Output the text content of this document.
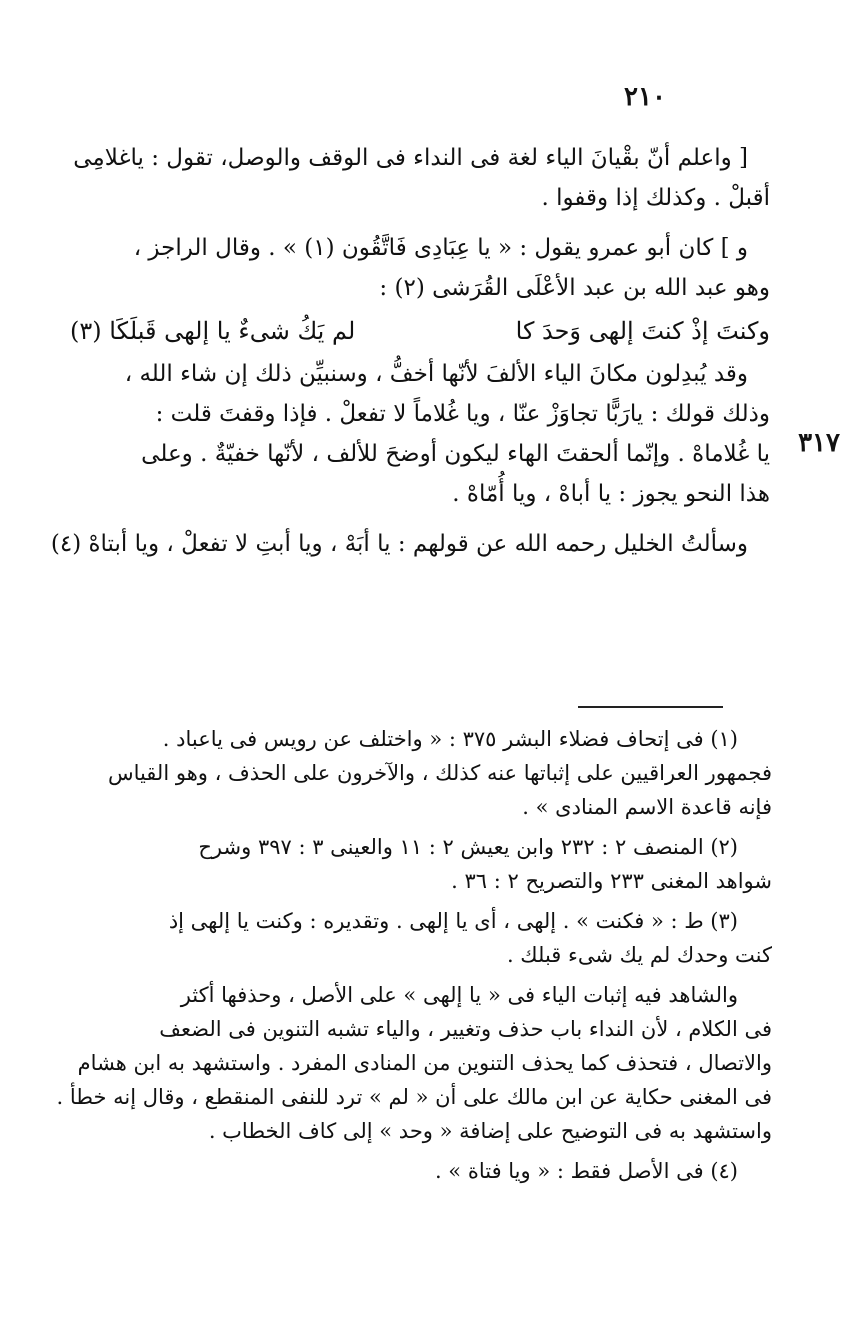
٢١٠
٣١٧
[ واعلم أنّ بقْيانَ الياء لغة فى النداء فى الوقف والوصل، تقول : ياغلامِى
أقبلْ . وكذلك إذا وقفوا .
و ] كان أبو عمرو يقول : « يا عِبَادِى فَاتَّقُون (١) » . وقال الراجز ،
وهو عبد الله بن عبد الأعْلَى القُرَشى (٢) :
وكنتَ إذْ كنتَ إلهى وَحدَ كا
لم يَكُ شىءٌ يا إلهى قَبلَكَا (٣)
وقد يُبدِلون مكانَ الياء الألفَ لأنّها أخفُّ ، وسنبيِّن ذلك إن شاء الله ،
وذلك قولك : يارَبًّا تجاوَزْ عنّا ، ويا غُلاماً لا تفعلْ . فإذا وقفتَ قلت :
يا غُلاماهْ . وإنّما ألحقتَ الهاء ليكون أوضحَ للألف ، لأنّها خفيّةٌ . وعلى
هذا النحو يجوز : يا أباهْ ، ويا أُمّاهْ .
وسألتُ الخليل رحمه الله عن قولهم : يا أبَهْ ، ويا أبتِ لا تفعلْ ، ويا أبتاهْ (٤)
(١) فى إتحاف فضلاء البشر ٣٧٥ : « واختلف عن رويس فى ياعباد .
فجمهور العراقيين على إثباتها عنه كذلك ، والآخرون على الحذف ، وهو القياس
فإنه قاعدة الاسم المنادى » .
(٢) المنصف ٢ : ٢٣٢ وابن يعيش ٢ : ١١ والعينى ٣ : ٣٩٧ وشرح
شواهد المغنى ٢٣٣ والتصريح ٢ : ٣٦ .
(٣) ط : « فكنت » . إلهى ، أى يا إلهى . وتقديره : وكنت يا إلهى إذ
كنت وحدك لم يك شىء قبلك .
والشاهد فيه إثبات الياء فى « يا إلهى » على الأصل ، وحذفها أكثر
فى الكلام ، لأن النداء باب حذف وتغيير ، والياء تشبه التنوين فى الضعف
والاتصال ، فتحذف كما يحذف التنوين من المنادى المفرد . واستشهد به ابن هشام
فى المغنى حكاية عن ابن مالك على أن « لم » ترد للنفى المنقطع ، وقال إنه خطأ .
واستشهد به فى التوضيح على إضافة « وحد » إلى كاف الخطاب .
(٤) فى الأصل فقط : « ويا فتاة » .
